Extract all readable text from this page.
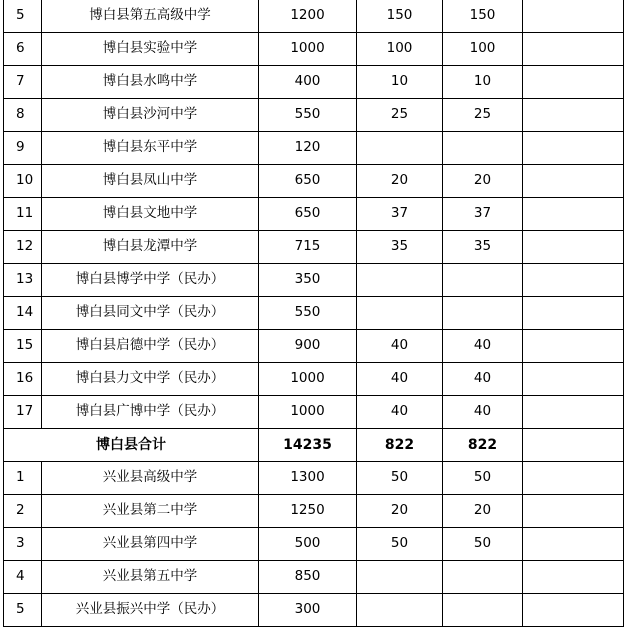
5	博白县第五高级中学	1200	150	150	
6	博白县实验中学	1000	100	100	
7	博白县水鸣中学	400	10	10	
8	博白县沙河中学	550	25	25	
9	博白县东平中学	120			
10	博白县凤山中学	650	20	20	
11	博白县文地中学	650	37	37	
12	博白县龙潭中学	715	35	35	
13	博白县博学中学（民办）	350			
14	博白县同文中学（民办）	550			
15	博白县启德中学（民办）	900	40	40	
16	博白县力文中学（民办）	1000	40	40	
17	博白县广博中学（民办）	1000	40	40	
博白县合计		14235	822	822	
1	兴业县高级中学	1300	50	50	
2	兴业县第二中学	1250	20	20	
3	兴业县第四中学	500	50	50	
4	兴业县第五中学	850			
5	兴业县振兴中学（民办）	300			
